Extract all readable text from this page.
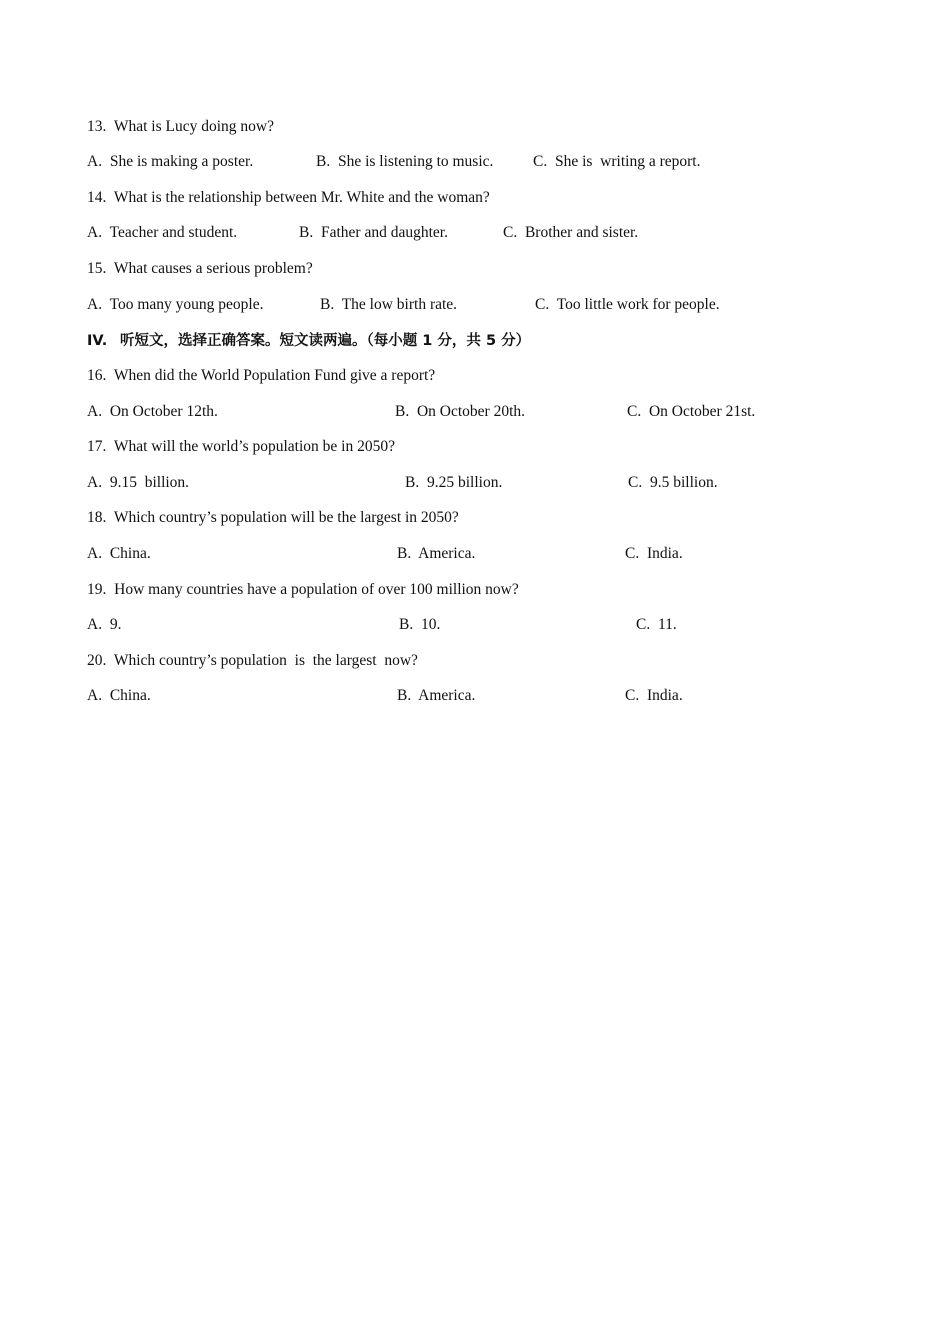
13. What is Lucy doing now?
A. She is making a poster.	B. She is listening to music.	C. She is  writing a report.
14. What is the relationship between Mr. White and the woman?
A. Teacher and student.	B. Father and daughter.	C. Brother and sister.
15. What causes a serious problem?
A. Too many young people.	B. The low birth rate.	C. Too little work for people.
IV. 听短文，选择正确答案。短文读两遍。（每小题 1 分，共 5 分）
16. When did the World Population Fund give a report?
A. On October 12th.	B. On October 20th.	C. On October 21st.
17. What will the world’s population be in 2050?
A. 9.15  billion.	B. 9.25 billion.	C. 9.5 billion.
18. Which country’s population will be the largest in 2050?
A. China.	B. America.	C. India.
19. How many countries have a population of over 100 million now?
A. 9.	B. 10.	C. 11.
20. Which country’s population  is  the largest  now?
A. China.	B. America.	C. India.
